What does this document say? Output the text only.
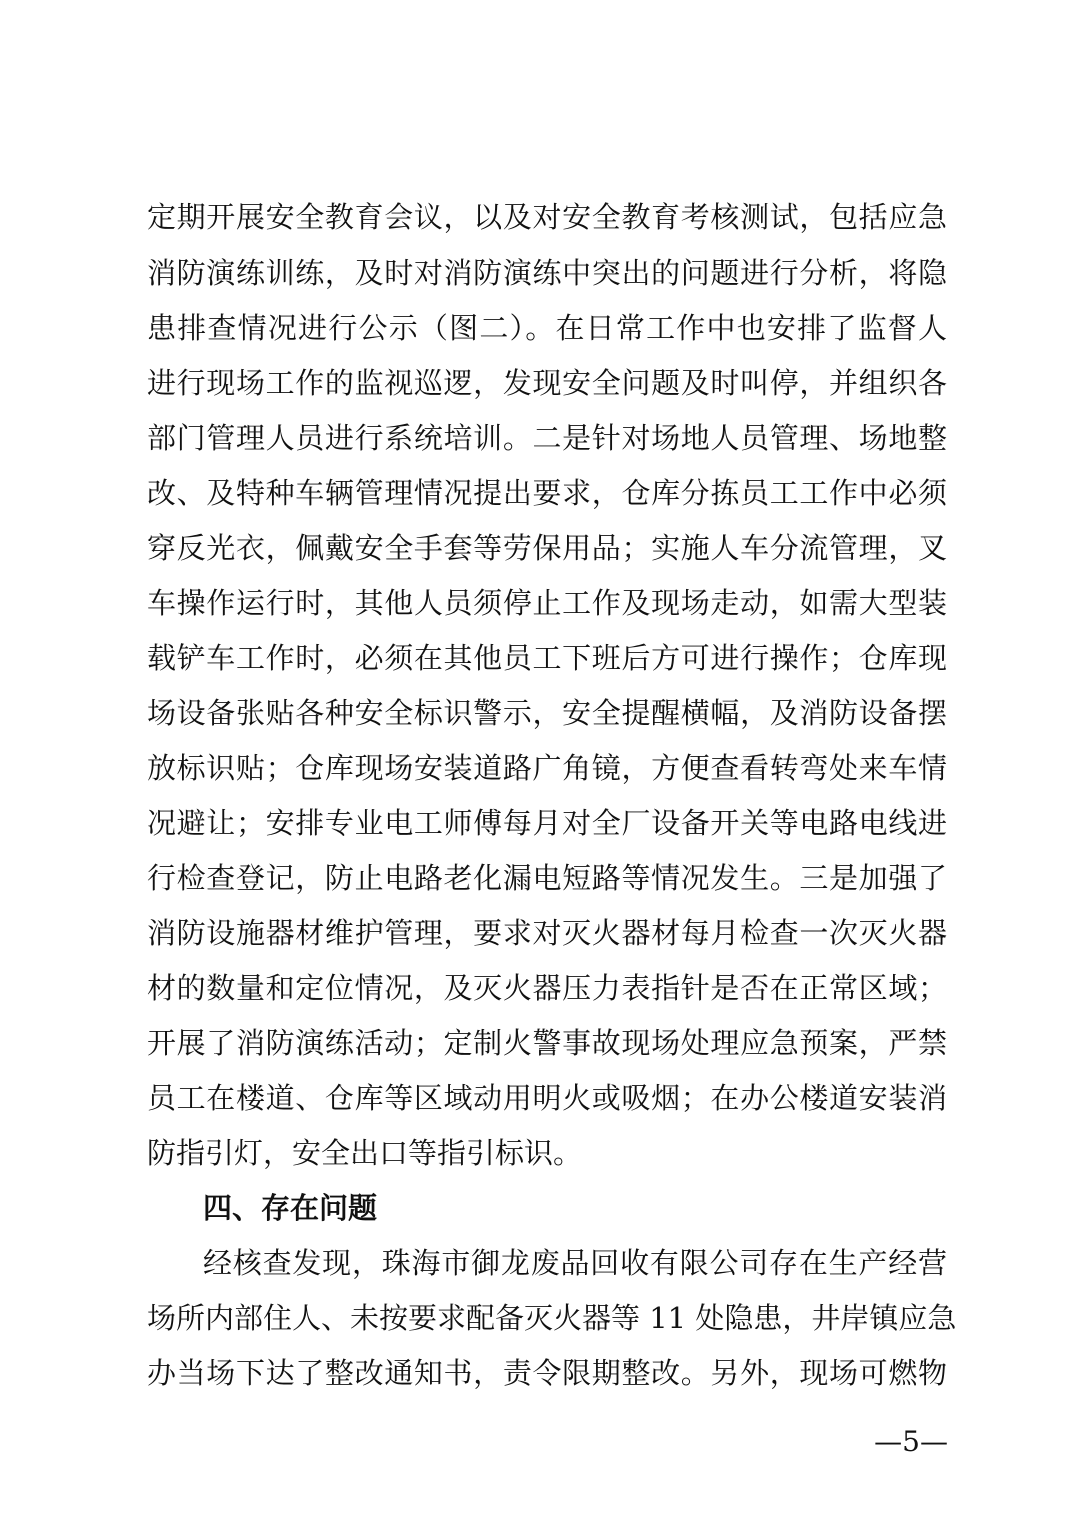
定期开展安全教育会议，以及对安全教育考核测试，包括应急
消防演练训练，及时对消防演练中突出的问题进行分析，将隐
患排查情况进行公示（图二）。在日常工作中也安排了监督人
进行现场工作的监视巡逻，发现安全问题及时叫停，并组织各
部门管理人员进行系统培训。二是针对场地人员管理、场地整
改、及特种车辆管理情况提出要求，仓库分拣员工工作中必须
穿反光衣，佩戴安全手套等劳保用品；实施人车分流管理，叉
车操作运行时，其他人员须停止工作及现场走动，如需大型装
载铲车工作时，必须在其他员工下班后方可进行操作；仓库现
场设备张贴各种安全标识警示，安全提醒横幅，及消防设备摆
放标识贴；仓库现场安装道路广角镜，方便查看转弯处来车情
况避让；安排专业电工师傅每月对全厂设备开关等电路电线进
行检查登记，防止电路老化漏电短路等情况发生。三是加强了
消防设施器材维护管理，要求对灭火器材每月检查一次灭火器
材的数量和定位情况，及灭火器压力表指针是否在正常区域；
开展了消防演练活动；定制火警事故现场处理应急预案，严禁
员工在楼道、仓库等区域动用明火或吸烟；在办公楼道安装消
防指引灯，安全出口等指引标识。
四、存在问题
经核查发现，珠海市御龙废品回收有限公司存在生产经营
场所内部住人、未按要求配备灭火器等 11 处隐患，井岸镇应急
办当场下达了整改通知书，责令限期整改。另外，现场可燃物
—5—
